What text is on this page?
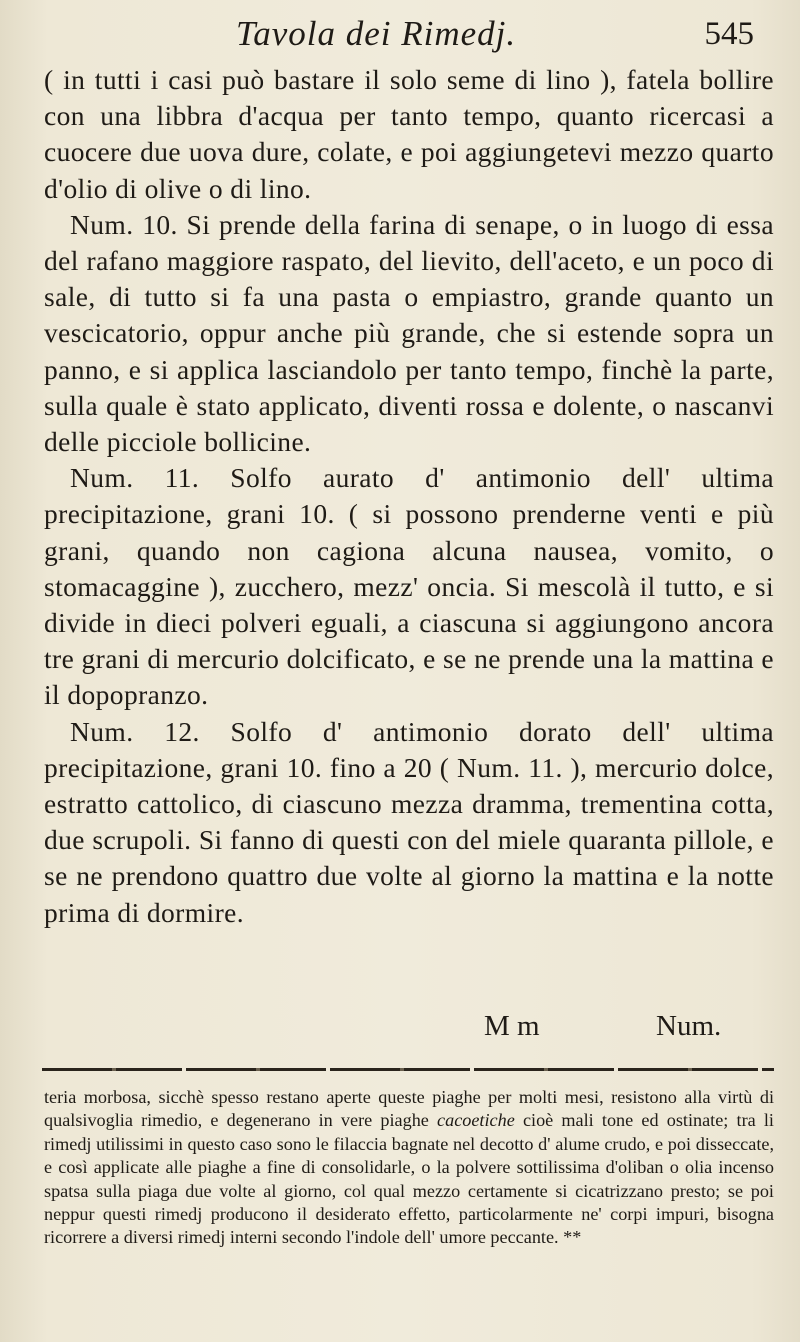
Tavola dei Rimedj.	545

( in tutti i casi può bastare il solo seme di lino ), fatela bollire con una libbra d'acqua per tanto tempo, quanto ricercasi a cuocere due uova dure, colate, e poi aggiungetevi mezzo quarto d'olio di olive o di lino.

Num. 10. Si prende della farina di senape, o in luogo di essa del rafano maggiore raspato, del lievito, dell'aceto, e un poco di sale, di tutto si fa una pasta o empiastro, grande quanto un vescicatorio, oppur anche più grande, che si estende sopra un panno, e si applica lasciandolo per tanto tempo, finchè la parte, sulla quale è stato applicato, diventi rossa e dolente, o nascanvi delle picciole bollicine.

Num. 11. Solfo aurato d' antimonio dell' ultima precipitazione, grani 10. ( si possono prenderne venti e più grani, quando non cagiona alcuna nausea, vomito, o stomacaggine ), zucchero, mezz' oncia. Si mescolà il tutto, e si divide in dieci polveri eguali, a ciascuna si aggiungono ancora tre grani di mercurio dolcificato, e se ne prende una la mattina e il dopopranzo.

Num. 12. Solfo d' antimonio dorato dell' ultima precipitazione, grani 10. fino a 20 ( Num. 11. ), mercurio dolce, estratto cattolico, di ciascuno mezza dramma, trementina cotta, due scrupoli. Si fanno di questi con del miele quaranta pillole, e se ne prendono quattro due volte al giorno la mattina e la notte prima di dormire.

M m	Num.
teria morbosa, sicchè spesso restano aperte queste piaghe per molti mesi, resistono alla virtù di qualsivoglia rimedio, e degenerano in vere piaghe cacoetiche cioè mali tone ed ostinate; tra li rimedj utilissimi in questo caso sono le filaccia bagnate nel decotto d' alume crudo, e poi disseccate, e così applicate alle piaghe a fine di consolidarle, o la polvere sottilissima d'oliban o olia incenso spatsa sulla piaga due volte al giorno, col qual mezzo certamente si cicatrizzano presto; se poi neppur questi rimedj producono il desiderato effetto, particolarmente ne' corpi impuri, bisogna ricorrere a diversi rimedj interni secondo l'indole dell' umore peccante. **
